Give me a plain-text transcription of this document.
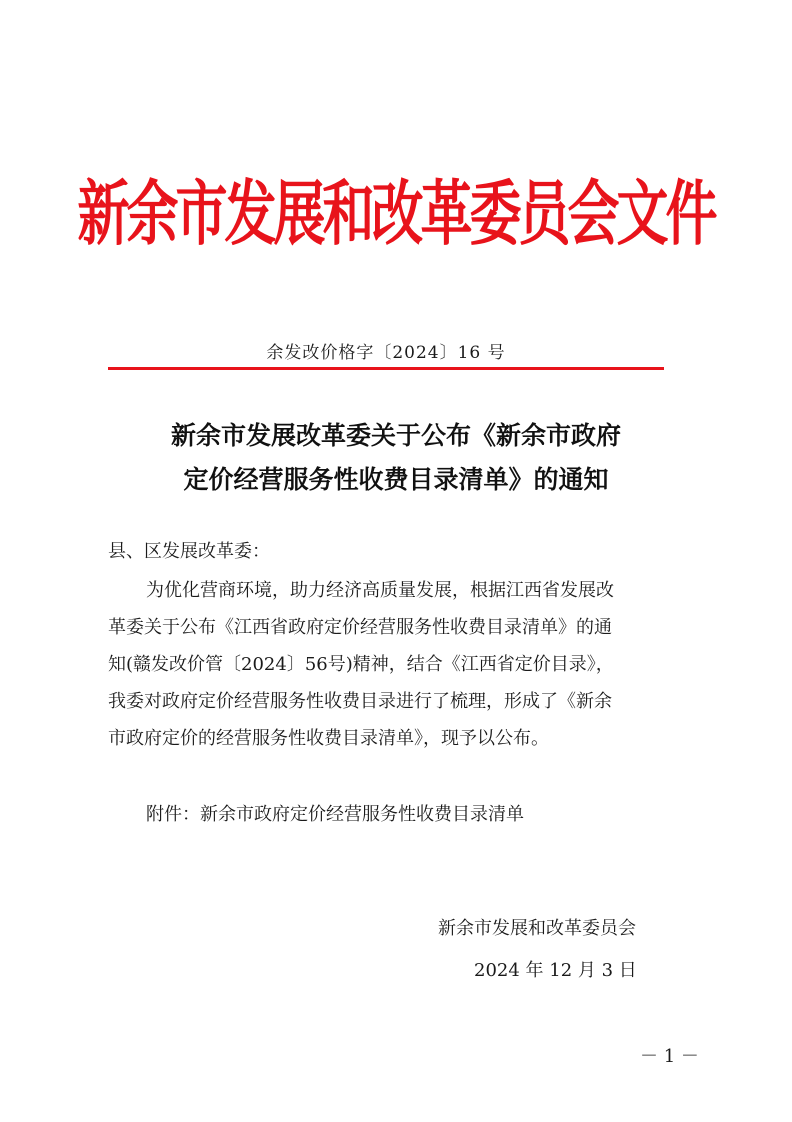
新余市发展和改革委员会文件
余发改价格字〔2024〕16 号
新余市发展改革委关于公布《新余市政府
定价经营服务性收费目录清单》的通知
县、区发展改革委：
为优化营商环境，助力经济高质量发展，根据江西省发展改
革委关于公布《江西省政府定价经营服务性收费目录清单》的通
知(赣发改价管〔2024〕56号)精神，结合《江西省定价目录》，
我委对政府定价经营服务性收费目录进行了梳理，形成了《新余
市政府定价的经营服务性收费目录清单》，现予以公布。
附件：新余市政府定价经营服务性收费目录清单
新余市发展和改革委员会
2024 年 12 月 3 日
－ 1 －
